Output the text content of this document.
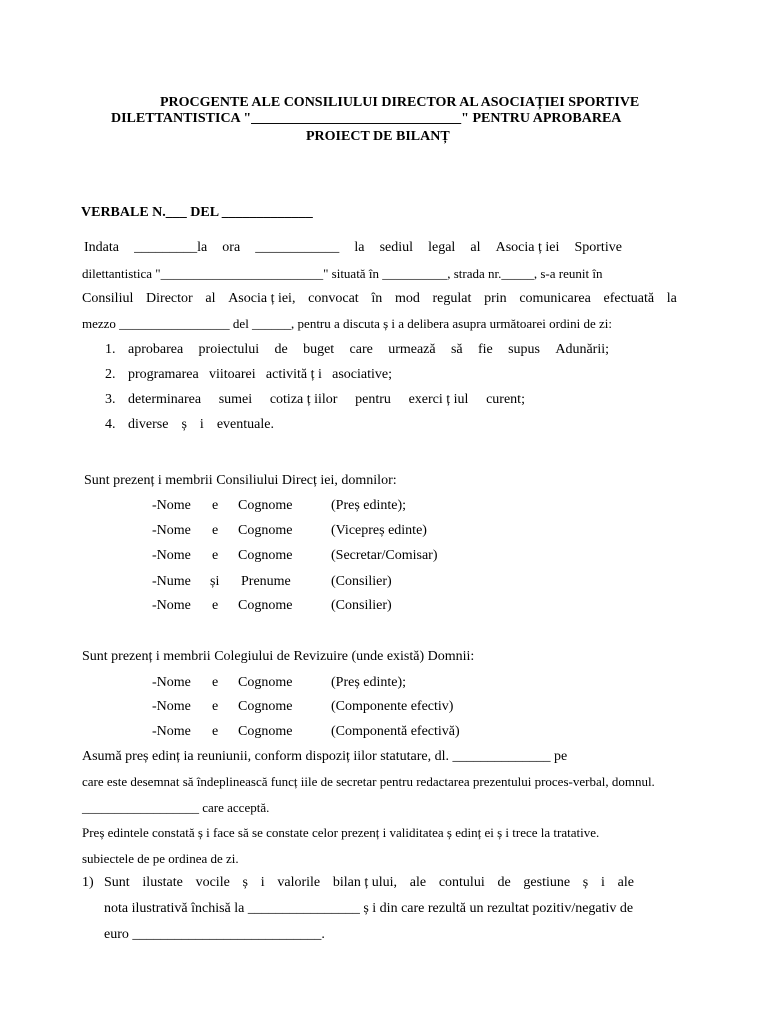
PROCGENTE ALE CONSILIULUI DIRECTOR AL ASOCIAȚIEI SPORTIVE
DILETTANTISTICA "______________________________" PENTRU APROBAREA
PROIECT DE BILANȚ
VERBALE N.___ DEL _____________
Indata _________la ora ____________ la sediul legal al Asocia ț iei Sportive
dilettantistica "_________________________" situată în __________, strada nr._____, s-a reunit în
Consiliul Director al Asocia ț iei, convocat în mod regulat prin comunicarea efectuată la
mezzo _________________ del ______, pentru a discuta ș i a delibera asupra următoarei ordini de zi:
1. aprobarea proiectului de buget care urmează să fie supus Adunării;
2. programarea viitoarei activită ț i asociative;
3. determinarea sumei cotiza ț iilor pentru exerci ț iul curent;
4. diverse ș i eventuale.
Sunt prezenț i membrii Consiliului Direcț iei, domnilor:
-Nome e Cognome	(Preș edinte);
-Nome e Cognome	(Vicepreș edinte)
-Nome e Cognome	(Secretar/Comisar)
-Nume și Prenume	(Consilier)
-Nome e Cognome	(Consilier)
Sunt prezenț i membrii Colegiului de Revizuire (unde există) Domnii:
-Nome e Cognome	(Preș edinte);
-Nome e Cognome	(Componente efectiv)
-Nome e Cognome	(Componentă efectivă)
Asumă preș edinț ia reuniunii, conform dispoziț iilor statutare, dl. ______________ pe
care este desemnat să îndeplinească funcț iile de secretar pentru redactarea prezentului proces-verbal, domnul.
__________________ care acceptă.
Preș edintele constată ș i face să se constate celor prezenț i validitatea ș edinț ei ș i trece la tratative.
subiectele de pe ordinea de zi.
1) Sunt ilustate vocile ș i valorile bilan ț ului, ale contului de gestiune ș i ale
nota ilustrativă închisă la ________________ ș i din care rezultă un rezultat pozitiv/negativ de
euro ___________________________.
